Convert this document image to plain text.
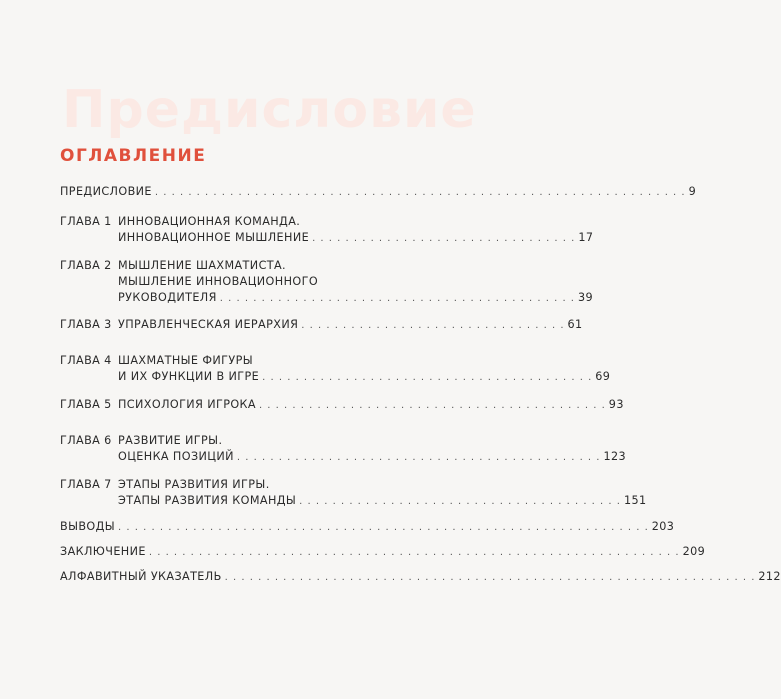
Предисловие
ОГЛАВЛЕНИЕ
ПРЕДИСЛОВИЕ . . . . . . . . . . . . . . . . . . . . . . . . . . . . . . . . . . . . . . . . . . . . . . . . . . . . . . . . . . . . . . . . 9
ГЛАВА 1 ИННОВАЦИОННАЯ КОМАНДА.
ИННОВАЦИОННОЕ МЫШЛЕНИЕ . . . . . . . . . . . . . . . . . . . . . . . . . . . . . . . . 17
ГЛАВА 2 МЫШЛЕНИЕ ШАХМАТИСТА.
МЫШЛЕНИЕ ИННОВАЦИОННОГО
РУКОВОДИТЕЛЯ . . . . . . . . . . . . . . . . . . . . . . . . . . . . . . . . . . . . . . . . . . . 39
ГЛАВА 3 УПРАВЛЕНЧЕСКАЯ ИЕРАРХИЯ . . . . . . . . . . . . . . . . . . . . . . . . . . . . . . . . 61
ГЛАВА 4 ШАХМАТНЫЕ ФИГУРЫ
И ИХ ФУНКЦИИ В ИГРЕ . . . . . . . . . . . . . . . . . . . . . . . . . . . . . . . . . . . . . . . . 69
ГЛАВА 5 ПСИХОЛОГИЯ ИГРОКА . . . . . . . . . . . . . . . . . . . . . . . . . . . . . . . . . . . . . . . . . . 93
ГЛАВА 6 РАЗВИТИЕ ИГРЫ.
ОЦЕНКА ПОЗИЦИЙ . . . . . . . . . . . . . . . . . . . . . . . . . . . . . . . . . . . . . . . . . . . . 123
ГЛАВА 7 ЭТАПЫ РАЗВИТИЯ ИГРЫ.
ЭТАПЫ РАЗВИТИЯ КОМАНДЫ . . . . . . . . . . . . . . . . . . . . . . . . . . . . . . . . . . . . . . . 151
ВЫВОДЫ . . . . . . . . . . . . . . . . . . . . . . . . . . . . . . . . . . . . . . . . . . . . . . . . . . . . . . . . . . . . . . . . 203
ЗАКЛЮЧЕНИЕ . . . . . . . . . . . . . . . . . . . . . . . . . . . . . . . . . . . . . . . . . . . . . . . . . . . . . . . . . . . . . . . . 209
АЛФАВИТНЫЙ УКАЗАТЕЛЬ . . . . . . . . . . . . . . . . . . . . . . . . . . . . . . . . . . . . . . . . . . . . . . . . . . . . . . . . . . . . . . . . 212
